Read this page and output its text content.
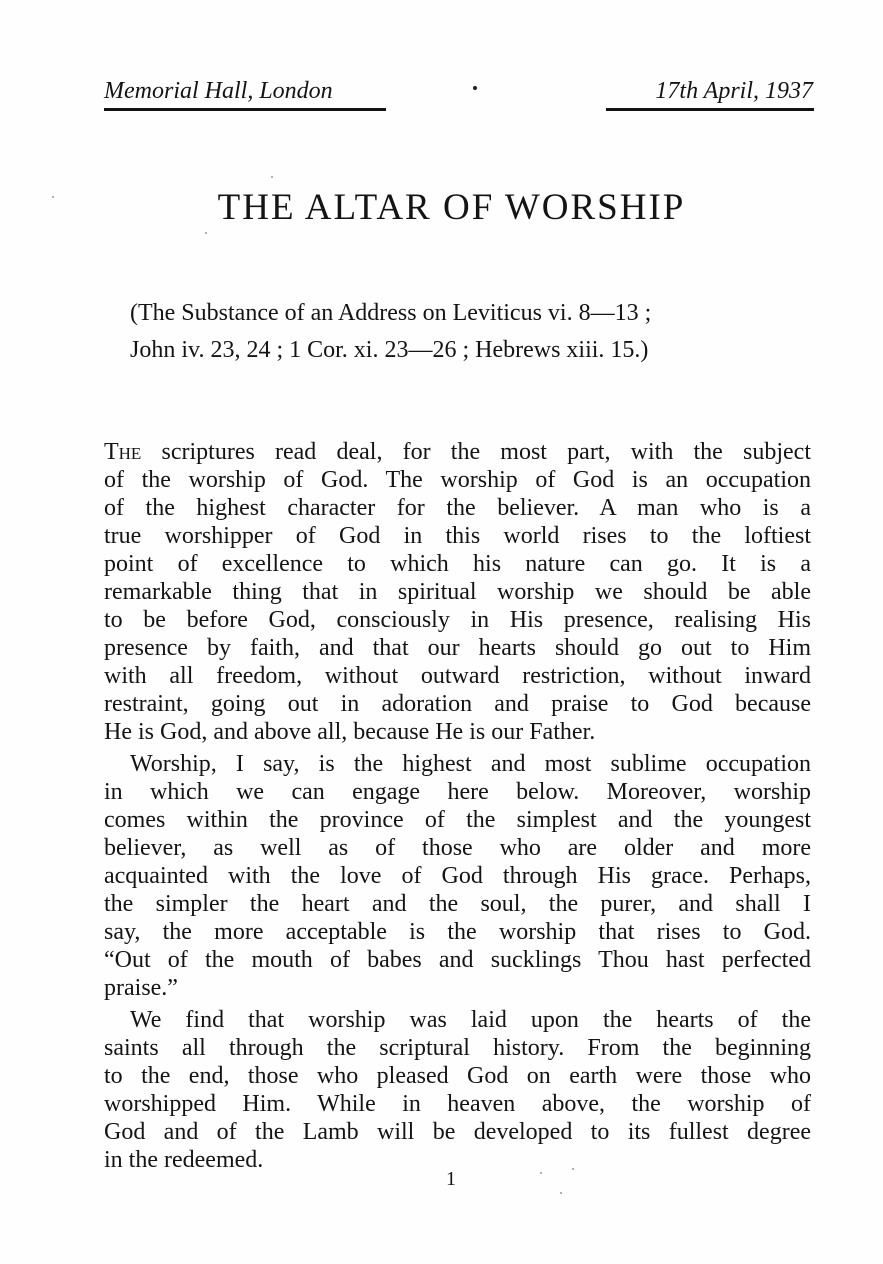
Memorial Hall, London	17th April, 1937
THE ALTAR OF WORSHIP
(The Substance of an Address on Leviticus vi. 8—13 ;
John iv. 23, 24 ; 1 Cor. xi. 23—26 ; Hebrews xiii. 15.)
The scriptures read deal, for the most part, with the subject
of the worship of God. The worship of God is an occupation
of the highest character for the believer. A man who is a
true worshipper of God in this world rises to the loftiest
point of excellence to which his nature can go. It is a
remarkable thing that in spiritual worship we should be able
to be before God, consciously in His presence, realising His
presence by faith, and that our hearts should go out to Him
with all freedom, without outward restriction, without inward
restraint, going out in adoration and praise to God because
He is God, and above all, because He is our Father.
Worship, I say, is the highest and most sublime occupation
in which we can engage here below. Moreover, worship
comes within the province of the simplest and the youngest
believer, as well as of those who are older and more
acquainted with the love of God through His grace. Perhaps,
the simpler the heart and the soul, the purer, and shall I
say, the more acceptable is the worship that rises to God.
“Out of the mouth of babes and sucklings Thou hast perfected
praise.”
We find that worship was laid upon the hearts of the
saints all through the scriptural history. From the beginning
to the end, those who pleased God on earth were those who
worshipped Him. While in heaven above, the worship of
God and of the Lamb will be developed to its fullest degree
in the redeemed.
1
